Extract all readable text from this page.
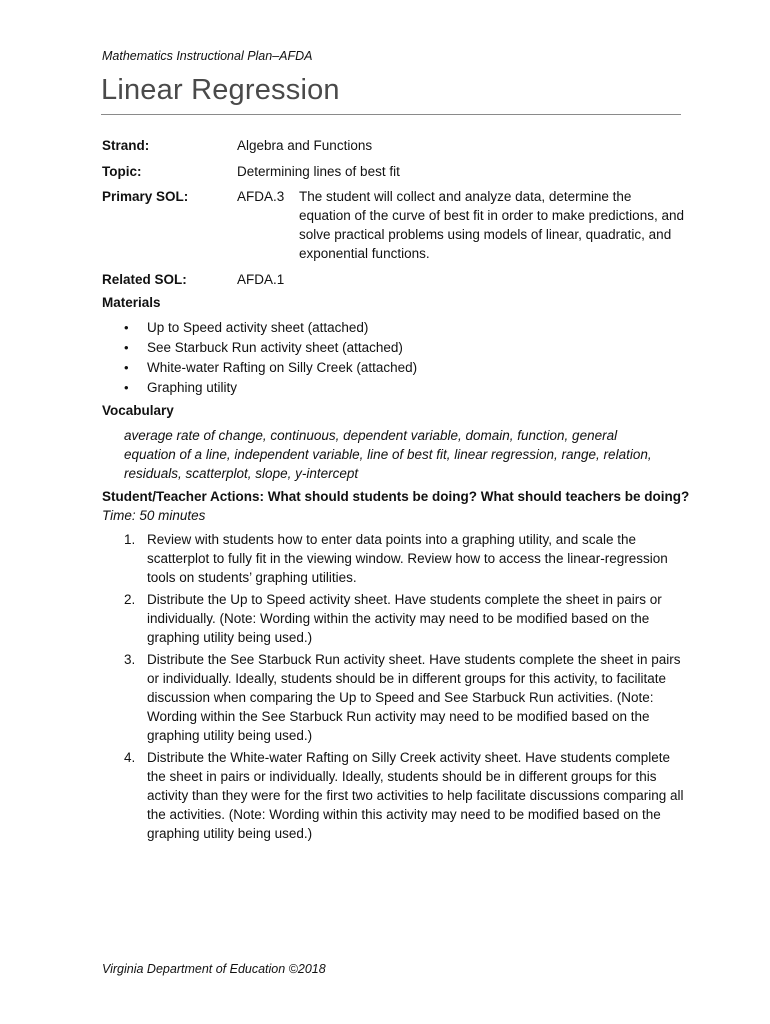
Mathematics Instructional Plan–AFDA
Linear Regression
Strand:	Algebra and Functions
Topic:	Determining lines of best fit
Primary SOL:	AFDA.3 The student will collect and analyze data, determine the equation of the curve of best fit in order to make predictions, and solve practical problems using models of linear, quadratic, and exponential functions.
Related SOL:	AFDA.1
Materials
• Up to Speed activity sheet (attached)
• See Starbuck Run activity sheet (attached)
• White-water Rafting on Silly Creek (attached)
• Graphing utility
Vocabulary
average rate of change, continuous, dependent variable, domain, function, general equation of a line, independent variable, line of best fit, linear regression, range, relation, residuals, scatterplot, slope, y-intercept
Student/Teacher Actions: What should students be doing? What should teachers be doing?
Time: 50 minutes
1. Review with students how to enter data points into a graphing utility, and scale the scatterplot to fully fit in the viewing window. Review how to access the linear-regression tools on students’ graphing utilities.
2. Distribute the Up to Speed activity sheet. Have students complete the sheet in pairs or individually. (Note: Wording within the activity may need to be modified based on the graphing utility being used.)
3. Distribute the See Starbuck Run activity sheet. Have students complete the sheet in pairs or individually. Ideally, students should be in different groups for this activity, to facilitate discussion when comparing the Up to Speed and See Starbuck Run activities. (Note: Wording within the See Starbuck Run activity may need to be modified based on the graphing utility being used.)
4. Distribute the White-water Rafting on Silly Creek activity sheet. Have students complete the sheet in pairs or individually. Ideally, students should be in different groups for this activity than they were for the first two activities to help facilitate discussions comparing all the activities. (Note: Wording within this activity may need to be modified based on the graphing utility being used.)
Virginia Department of Education ©2018
